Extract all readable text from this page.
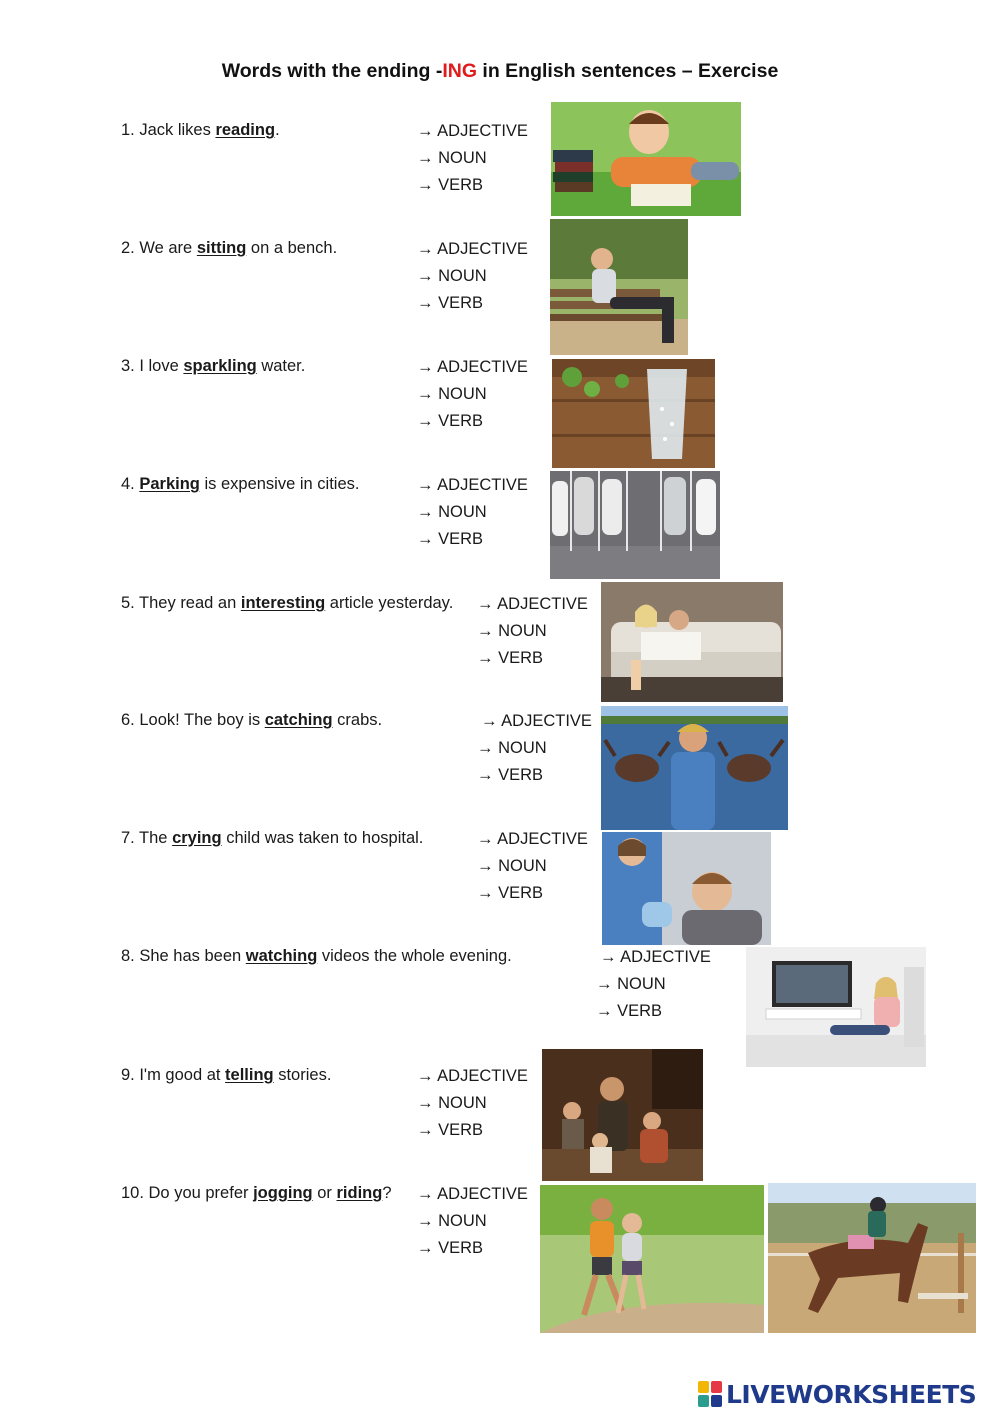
Words with the ending -ING in English sentences – Exercise
1. Jack likes reading.	→ ADJECTIVE
→ NOUN
→ VERB
2. We are sitting on a bench.	→ ADJECTIVE
→ NOUN
→ VERB
3. I love sparkling water.	→ ADJECTIVE
→ NOUN
→ VERB
4. Parking is expensive in cities.	→ ADJECTIVE
→ NOUN
→ VERB
5. They read an interesting article yesterday. → ADJECTIVE
→ NOUN
→ VERB
6. Look! The boy is catching crabs.	→ ADJECTIVE
→ NOUN
→ VERB
7. The crying child was taken to hospital.	→ ADJECTIVE
→ NOUN
→ VERB
8. She has been watching videos the whole evening.	→ ADJECTIVE
→ NOUN
→ VERB
9. I'm good at telling stories.	→ ADJECTIVE
→ NOUN
→ VERB
10. Do you prefer jogging or riding? → ADJECTIVE
→ NOUN
→ VERB
LIVEWORKSHEETS
